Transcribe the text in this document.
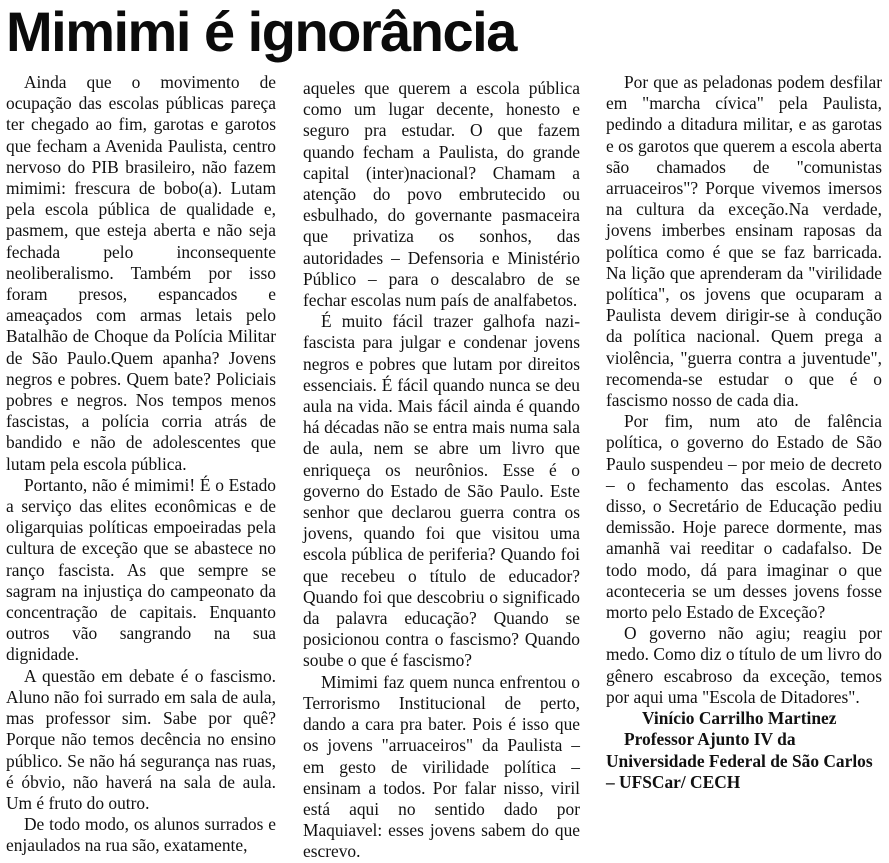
Mimimi é ignorância

Ainda que o movimento de ocupação das escolas públicas pareça ter chegado ao fim, garotas e garotos que fecham a Avenida Paulista, centro nervoso do PIB brasileiro, não fazem mimimi: frescura de bobo(a). Lutam pela escola pública de qualidade e, pasmem, que esteja aberta e não seja fechada pelo inconsequente neoliberalismo. Também por isso foram presos, espancados e ameaçados com armas letais pelo Batalhão de Choque da Polícia Militar de São Paulo.Quem apanha? Jovens negros e pobres. Quem bate? Policiais pobres e negros. Nos tempos menos fascistas, a polícia corria atrás de bandido e não de adolescentes que lutam pela escola pública.

Portanto, não é mimimi! É o Estado a serviço das elites econômicas e de oligarquias políticas empoeiradas pela cultura de exceção que se abastece no ranço fascista. As que sempre se sagram na injustiça do campeonato da concentração de capitais. Enquanto outros vão sangrando na sua dignidade.

A questão em debate é o fascismo. Aluno não foi surrado em sala de aula, mas professor sim. Sabe por quê? Porque não temos decência no ensino público. Se não há segurança nas ruas, é óbvio, não haverá na sala de aula. Um é fruto do outro.

De todo modo, os alunos surrados e enjaulados na rua são, exatamente,

aqueles que querem a escola pública como um lugar decente, honesto e seguro pra estudar. O que fazem quando fecham a Paulista, do grande capital (inter)nacional? Chamam a atenção do povo embrutecido ou esbulhado, do governante pasmaceira que privatiza os sonhos, das autoridades – Defensoria e Ministério Público – para o descalabro de se fechar escolas num país de analfabetos.

É muito fácil trazer galhofa nazi-fascista para julgar e condenar jovens negros e pobres que lutam por direitos essenciais. É fácil quando nunca se deu aula na vida. Mais fácil ainda é quando há décadas não se entra mais numa sala de aula, nem se abre um livro que enriqueça os neurônios. Esse é o governo do Estado de São Paulo. Este senhor que declarou guerra contra os jovens, quando foi que visitou uma escola pública de periferia? Quando foi que recebeu o título de educador? Quando foi que descobriu o significado da palavra educação? Quando se posicionou contra o fascismo? Quando soube o que é fascismo?

Mimimi faz quem nunca enfrentou o Terrorismo Institucional de perto, dando a cara pra bater. Pois é isso que os jovens "arruaceiros" da Paulista – em gesto de virilidade política – ensinam a todos. Por falar nisso, viril está aqui no sentido dado por Maquiavel: esses jovens sabem do que escrevo.

Por que as peladonas podem desfilar em "marcha cívica" pela Paulista, pedindo a ditadura militar, e as garotas e os garotos que querem a escola aberta são chamados de "comunistas arruaceiros"? Porque vivemos imersos na cultura da exceção.Na verdade, jovens imberbes ensinam raposas da política como é que se faz barricada. Na lição que aprenderam da "virilidade política", os jovens que ocuparam a Paulista devem dirigir-se à condução da política nacional. Quem prega a violência, "guerra contra a juventude", recomenda-se estudar o que é o fascismo nosso de cada dia.

Por fim, num ato de falência política, o governo do Estado de São Paulo suspendeu – por meio de decreto – o fechamento das escolas. Antes disso, o Secretário de Educação pediu demissão. Hoje parece dormente, mas amanhã vai reeditar o cadafalso. De todo modo, dá para imaginar o que aconteceria se um desses jovens fosse morto pelo Estado de Exceção?

O governo não agiu; reagiu por medo. Como diz o título de um livro do gênero escabroso da exceção, temos por aqui uma "Escola de Ditadores".

Vinício Carrilho Martinez
Professor Ajunto IV da Universidade Federal de São Carlos – UFSCar/ CECH
